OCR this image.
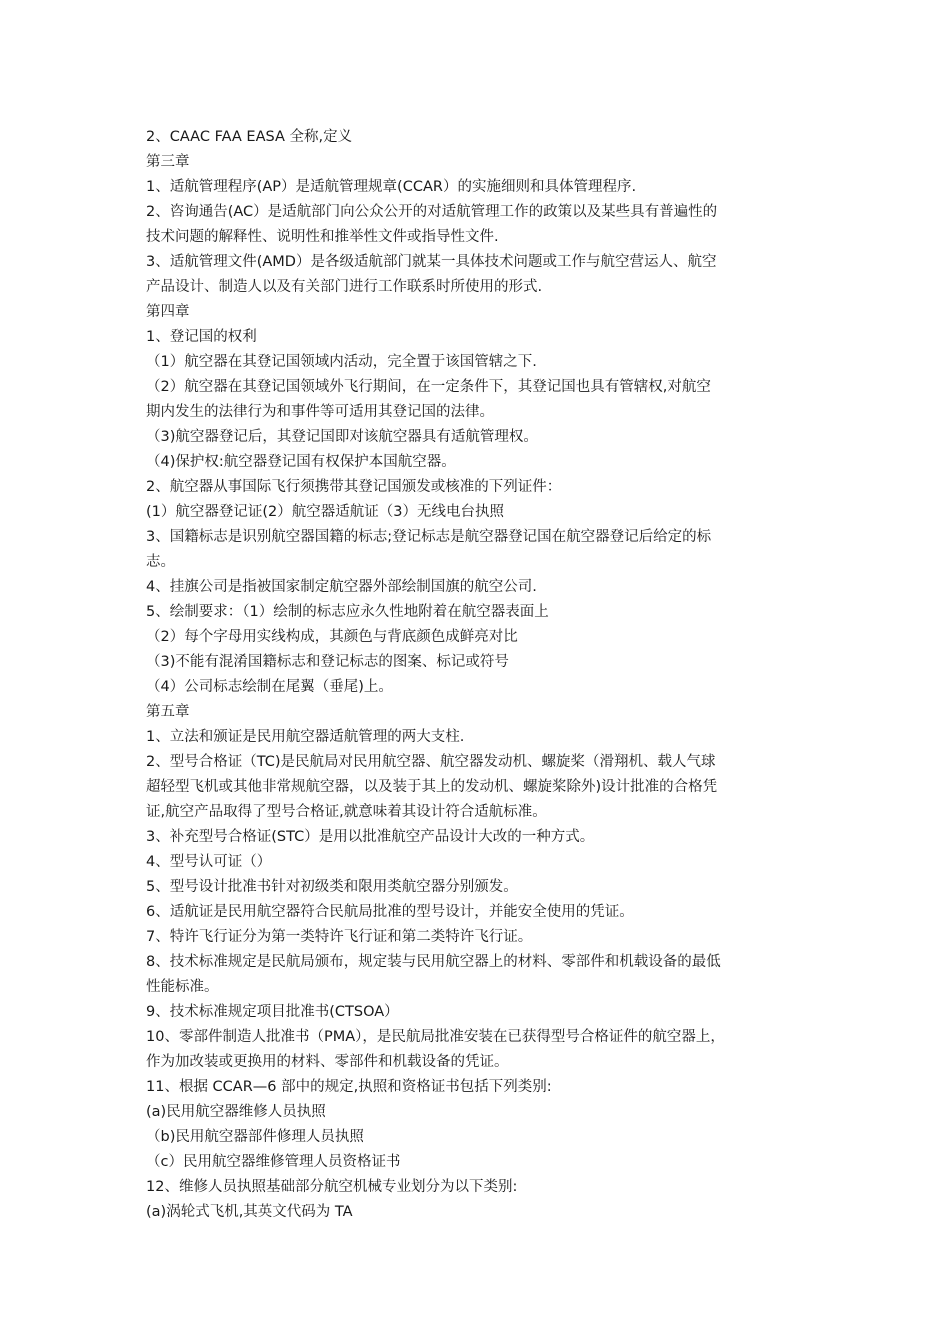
2、CAAC FAA EASA 全称,定义
第三章
1、适航管理程序(AP）是适航管理规章(CCAR）的实施细则和具体管理程序.
2、咨询通告(AC）是适航部门向公众公开的对适航管理工作的政策以及某些具有普遍性的
技术问题的解释性、说明性和推举性文件或指导性文件.
3、适航管理文件(AMD）是各级适航部门就某一具体技术问题或工作与航空营运人、航空
产品设计、制造人以及有关部门进行工作联系时所使用的形式.
第四章
1、登记国的权利
（1）航空器在其登记国领域内活动，完全置于该国管辖之下.
（2）航空器在其登记国领域外飞行期间，在一定条件下，其登记国也具有管辖权,对航空
期内发生的法律行为和事件等可适用其登记国的法律。
（3)航空器登记后，其登记国即对该航空器具有适航管理权。
（4)保护权:航空器登记国有权保护本国航空器。
2、航空器从事国际飞行须携带其登记国颁发或核准的下列证件：
(1）航空器登记证(2）航空器适航证（3）无线电台执照
3、国籍标志是识别航空器国籍的标志;登记标志是航空器登记国在航空器登记后给定的标
志。
4、挂旗公司是指被国家制定航空器外部绘制国旗的航空公司.
5、绘制要求：（1）绘制的标志应永久性地附着在航空器表面上
（2）每个字母用实线构成，其颜色与背底颜色成鲜亮对比
（3)不能有混淆国籍标志和登记标志的图案、标记或符号
（4）公司标志绘制在尾翼（垂尾)上。
第五章
1、立法和颁证是民用航空器适航管理的两大支柱.
2、型号合格证（TC)是民航局对民用航空器、航空器发动机、螺旋桨（滑翔机、载人气球
超轻型飞机或其他非常规航空器，以及装于其上的发动机、螺旋桨除外)设计批准的合格凭
证,航空产品取得了型号合格证,就意味着其设计符合适航标准。
3、补充型号合格证(STC）是用以批准航空产品设计大改的一种方式。
4、型号认可证（）
5、型号设计批准书针对初级类和限用类航空器分别颁发。
6、适航证是民用航空器符合民航局批准的型号设计，并能安全使用的凭证。
7、特许飞行证分为第一类特许飞行证和第二类特许飞行证。
8、技术标准规定是民航局颁布，规定装与民用航空器上的材料、零部件和机载设备的最低
性能标准。
9、技术标准规定项目批准书(CTSOA）
10、零部件制造人批准书（PMA），是民航局批准安装在已获得型号合格证件的航空器上，
作为加改装或更换用的材料、零部件和机载设备的凭证。
11、根据 CCAR—6 部中的规定,执照和资格证书包括下列类别:
(a)民用航空器维修人员执照
（b)民用航空器部件修理人员执照
（c）民用航空器维修管理人员资格证书
12、维修人员执照基础部分航空机械专业划分为以下类别:
(a)涡轮式飞机,其英文代码为 TA
